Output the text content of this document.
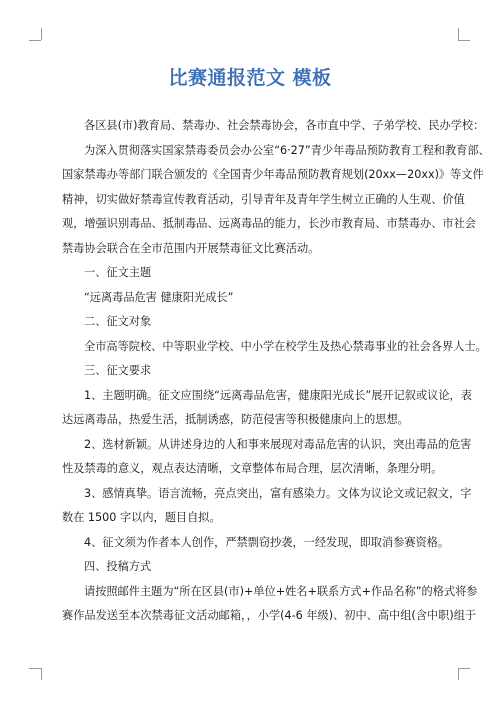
比赛通报范文 模板
各区县(市)教育局、禁毒办、社会禁毒协会，各市直中学、子弟学校、民办学校：
为深入贯彻落实国家禁毒委员会办公室“6·27”青少年毒品预防教育工程和教育部、
国家禁毒办等部门联合颁发的《全国青少年毒品预防教育规划(20xx—20xx)》等文件
精神，切实做好禁毒宣传教育活动，引导青年及青年学生树立正确的人生观、价值
观，增强识别毒品、抵制毒品、远离毒品的能力，长沙市教育局、市禁毒办、市社会
禁毒协会联合在全市范围内开展禁毒征文比赛活动。
一、征文主题
“远离毒品危害 健康阳光成长”
二、征文对象
全市高等院校、中等职业学校、中小学在校学生及热心禁毒事业的社会各界人士。
三、征文要求
1、主题明确。征文应围绕“远离毒品危害，健康阳光成长”展开记叙或议论，表
达远离毒品，热爱生活，抵制诱惑，防范侵害等积极健康向上的思想。
2、选材新颖。从讲述身边的人和事来展现对毒品危害的认识，突出毒品的危害
性及禁毒的意义，观点表达清晰，文章整体布局合理，层次清晰，条理分明。
3、感情真挚。语言流畅，亮点突出，富有感染力。文体为议论文或记叙文，字
数在 1500 字以内，题目自拟。
4、征文须为作者本人创作，严禁剽窃抄袭，一经发现，即取消参赛资格。
四、投稿方式
请按照邮件主题为“所在区县(市)+单位+姓名+联系方式+作品名称”的格式将参
赛作品发送至本次禁毒征文活动邮箱，，小学(4-6 年级)、初中、高中组(含中职)组于
